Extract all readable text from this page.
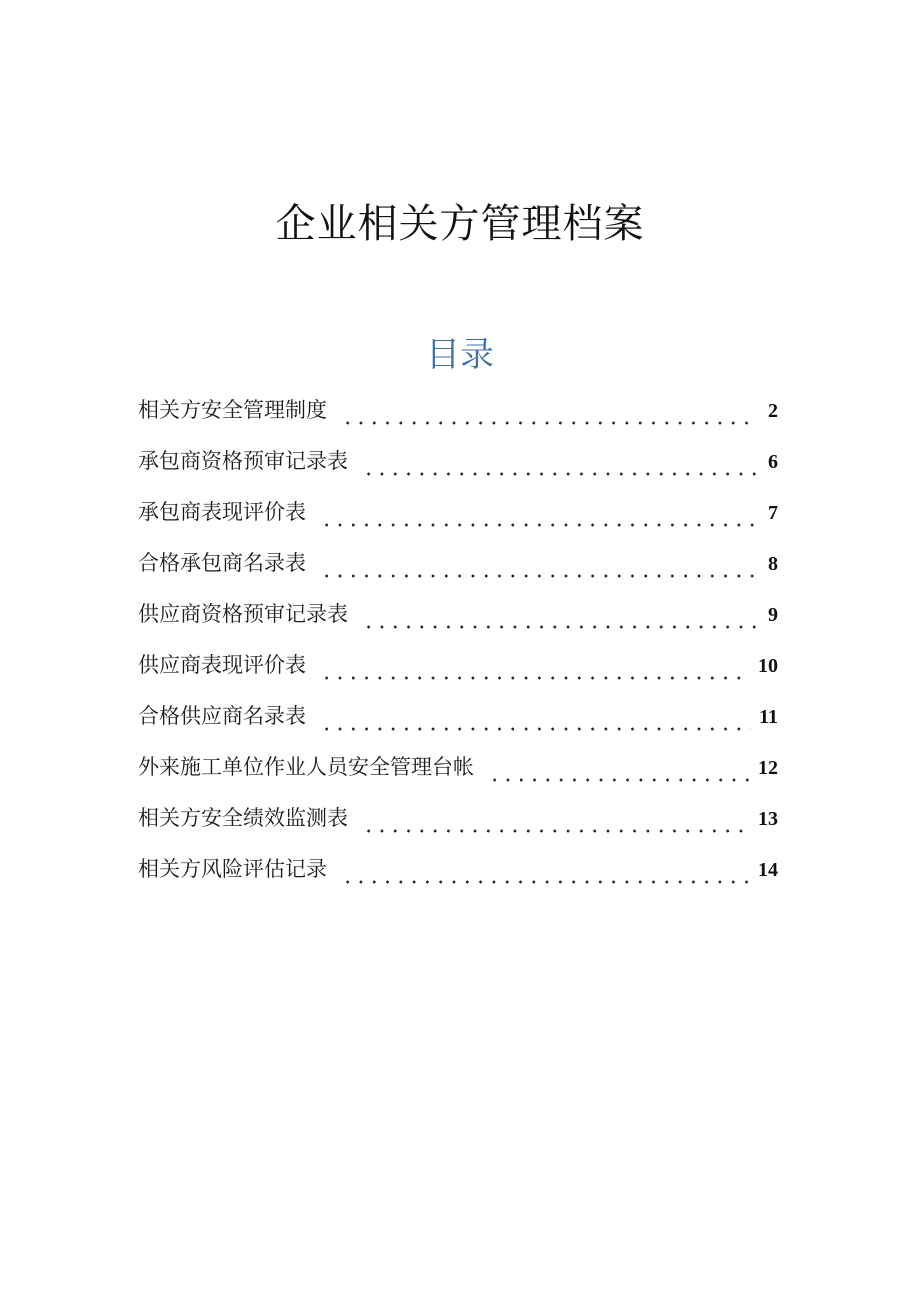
企业相关方管理档案
目录
相关方安全管理制度	2
承包商资格预审记录表	6
承包商表现评价表	7
合格承包商名录表	8
供应商资格预审记录表	9
供应商表现评价表	10
合格供应商名录表	11
外来施工单位作业人员安全管理台帐	12
相关方安全绩效监测表	13
相关方风险评估记录	14
